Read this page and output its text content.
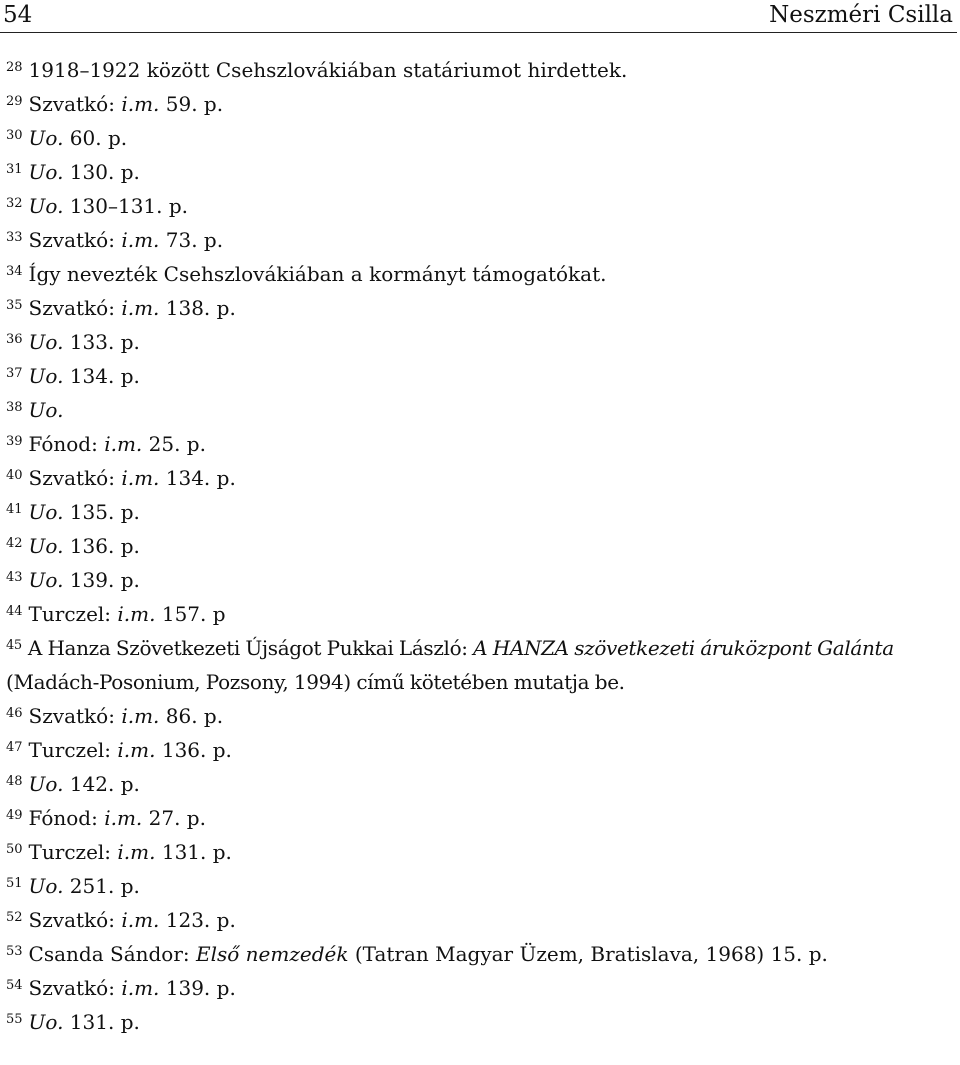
54	Neszméri Csilla
28 1918–1922 között Csehszlovákiában statáriumot hirdettek.
29 Szvatkó: i.m. 59. p.
30 Uo. 60. p.
31 Uo. 130. p.
32 Uo. 130–131. p.
33 Szvatkó: i.m. 73. p.
34 Így nevezték Csehszlovákiában a kormányt támogatókat.
35 Szvatkó: i.m. 138. p.
36 Uo. 133. p.
37 Uo. 134. p.
38 Uo.
39 Fónod: i.m. 25. p.
40 Szvatkó: i.m. 134. p.
41 Uo. 135. p.
42 Uo. 136. p.
43 Uo. 139. p.
44 Turczel: i.m. 157. p
45 A Hanza Szövetkezeti Újságot Pukkai László: A HANZA szövetkezeti áruközpont Galánta (Madách-Posonium, Pozsony, 1994) című kötetében mutatja be.
46 Szvatkó: i.m. 86. p.
47 Turczel: i.m. 136. p.
48 Uo. 142. p.
49 Fónod: i.m. 27. p.
50 Turczel: i.m. 131. p.
51 Uo. 251. p.
52 Szvatkó: i.m. 123. p.
53 Csanda Sándor: Első nemzedék (Tatran Magyar Üzem, Bratislava, 1968) 15. p.
54 Szvatkó: i.m. 139. p.
55 Uo. 131. p.
